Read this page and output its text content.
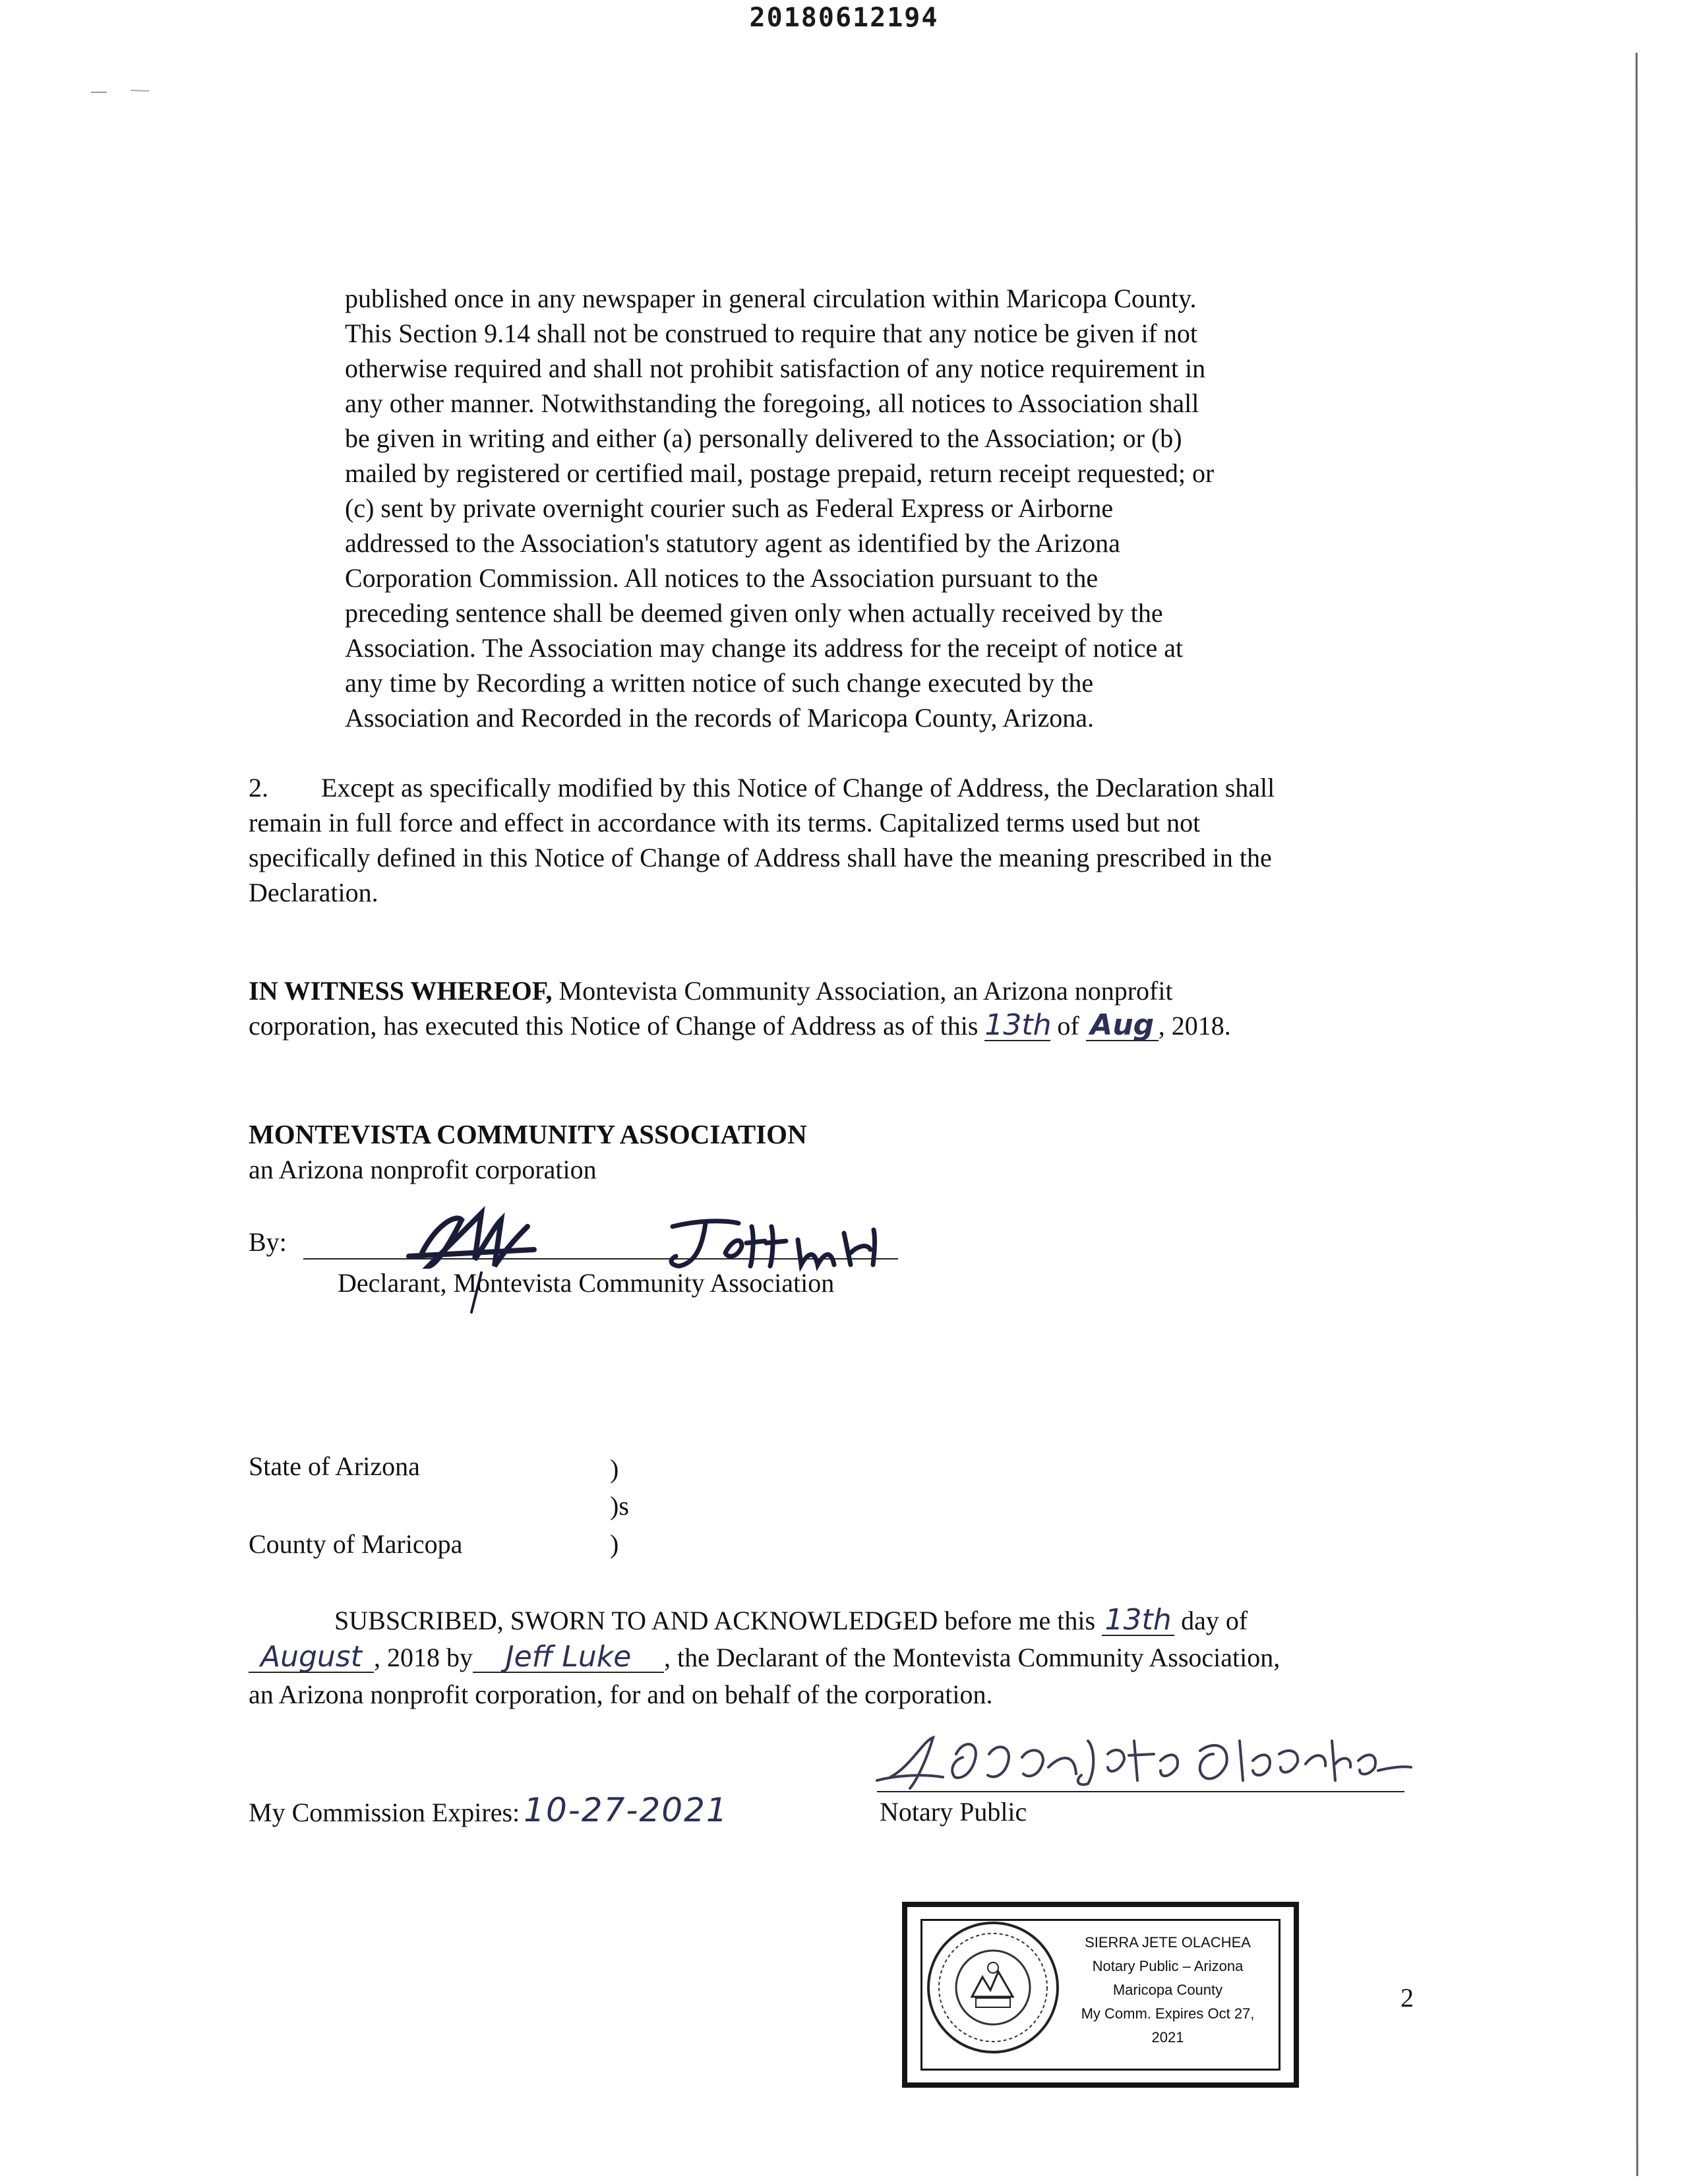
20180612194
published once in any newspaper in general circulation within Maricopa County.
This Section 9.14 shall not be construed to require that any notice be given if not
otherwise required and shall not prohibit satisfaction of any notice requirement in
any other manner. Notwithstanding the foregoing, all notices to Association shall
be given in writing and either (a) personally delivered to the Association; or (b)
mailed by registered or certified mail, postage prepaid, return receipt requested; or
(c) sent by private overnight courier such as Federal Express or Airborne
addressed to the Association's statutory agent as identified by the Arizona
Corporation Commission. All notices to the Association pursuant to the
preceding sentence shall be deemed given only when actually received by the
Association. The Association may change its address for the receipt of notice at
any time by Recording a written notice of such change executed by the
Association and Recorded in the records of Maricopa County, Arizona.
2. Except as specifically modified by this Notice of Change of Address, the Declaration shall
remain in full force and effect in accordance with its terms. Capitalized terms used but not
specifically defined in this Notice of Change of Address shall have the meaning prescribed in the
Declaration.
IN WITNESS WHEREOF, Montevista Community Association, an Arizona nonprofit
corporation, has executed this Notice of Change of Address as of this 13th of Aug , 2018.
MONTEVISTA COMMUNITY ASSOCIATION
an Arizona nonprofit corporation
By:
Declarant, Montevista Community Association
State of Arizona	)
)s
County of Maricopa	)
SUBSCRIBED, SWORN TO AND ACKNOWLEDGED before me this 13th day of
August , 2018 by Jeff Luke , the Declarant of the Montevista Community Association,
an Arizona nonprofit corporation, for and on behalf of the corporation.
My Commission Expires: 10-27-2021	Notary Public
SIERRA JETE OLACHEA
Notary Public – Arizona
Maricopa County
My Comm. Expires Oct 27, 2021
2
